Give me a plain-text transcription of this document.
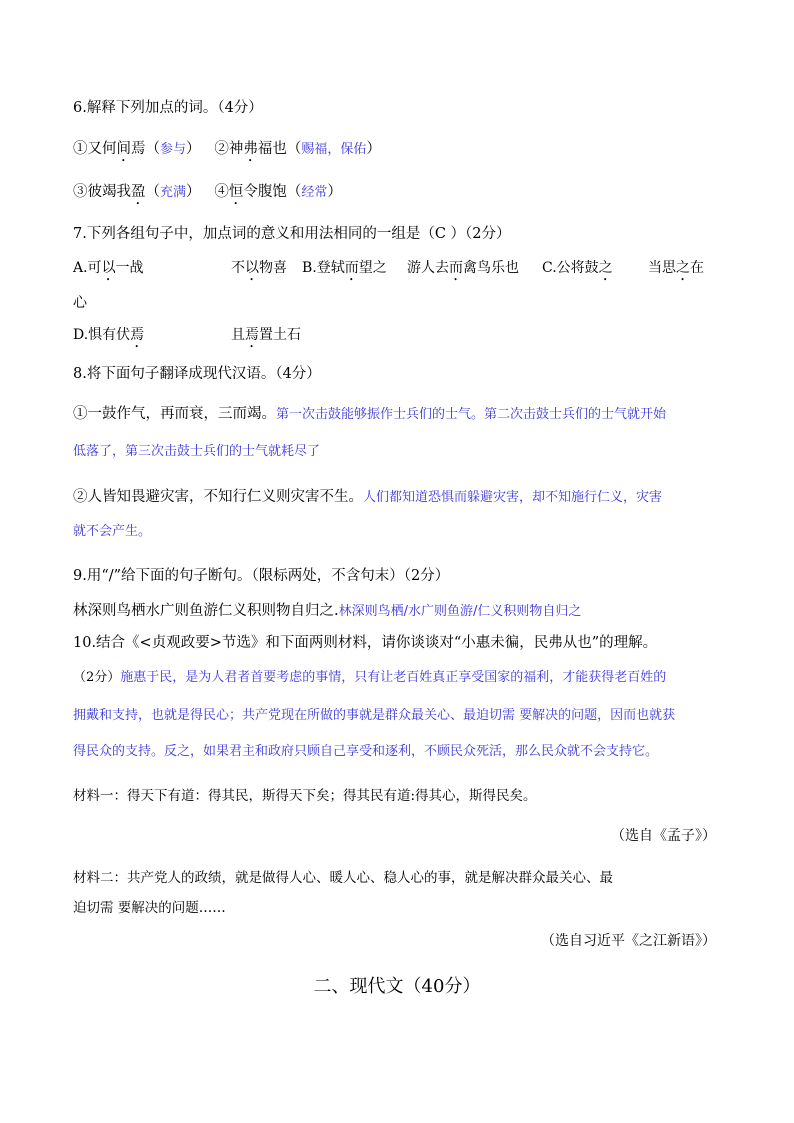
6.解释下列加点的词。（4分）
①又何间焉（参与） ②神弗福也（赐福，保佑）
③彼竭我盈（充满） ④恒令腹饱（经常）
7.下列各组句子中，加点词的意义和用法相同的一组是（C ）（2分）
A.可以一战	不以物喜 B.登轼而望之 游人去而禽鸟乐也 C.公将鼓之	当思之在
心
D.惧有伏焉	且焉置土石
8.将下面句子翻译成现代汉语。（4分）
①一鼓作气，再而衰，三而竭。第一次击鼓能够振作士兵们的士气。第二次击鼓士兵们的士气就开始
低落了，第三次击鼓士兵们的士气就耗尽了
②人皆知畏避灾害，不知行仁义则灾害不生。人们都知道恐惧而躲避灾害，却不知施行仁义，灾害
就不会产生。
9.用“/”给下面的句子断句。（限标两处，不含句末）（2分）
林深则鸟栖水广则鱼游仁义积则物自归之.林深则鸟栖/水广则鱼游/仁义积则物自归之
10.结合《<贞观政要>节选》和下面两则材料，请你谈谈对“小惠未徧，民弗从也”的理解。
（2分）施惠于民，是为人君者首要考虑的事情，只有让老百姓真正享受国家的福利，才能获得老百姓的
拥戴和支持，也就是得民心；共产党现在所做的事就是群众最关心、最迫切需 要解决的问题，因而也就获
得民众的支持。反之，如果君主和政府只顾自己享受和逐利，不顾民众死活，那么民众就不会支持它。
材料一：得天下有道：得其民，斯得天下矣；得其民有道:得其心，斯得民矣。
（选自《孟子》）
材料二：共产党人的政绩，就是做得人心、暖人心、稳人心的事，就是解决群众最关心、最
迫切需 要解决的问题……
（选自习近平《之江新语》）
二、现代文（40分）
